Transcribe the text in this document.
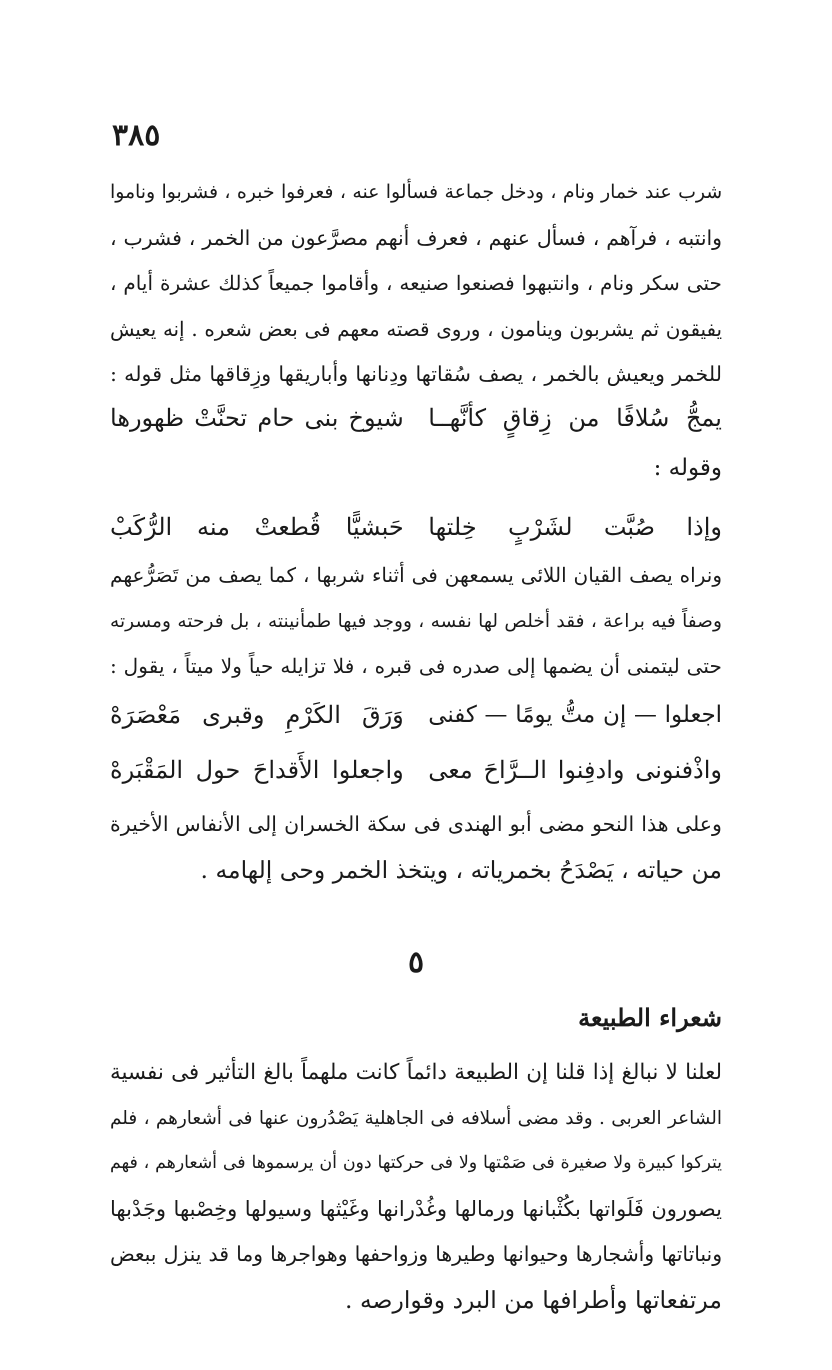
٣٨٥
شرب عند خمار ونام ، ودخل جماعة فسألوا عنه ، فعرفوا خبره ، فشربوا وناموا
وانتبه ، فرآهم ، فسأل عنهم ، فعرف أنهم مصرَّعون من الخمر ، فشرب ،
حتى سكر ونام ، وانتبهوا فصنعوا صنيعه ، وأقاموا جميعاً كذلك عشرة أيام ،
يفيقون ثم يشربون وينامون ، وروى قصته معهم فى بعض شعره . إنه يعيش
للخمر ويعيش بالخمر ، يصف سُقاتها ودِنانها وأباريقها وزِقاقها مثل قوله :
يمجُّ سُلافًا من زِقاقٍ كأنَّهــا
شيوخ بنى حام تحنَّتْ ظهورها
وقوله :
وإذا صُبَّت لشَرْبٍ خِلتها
حَبشيًّا قُطعتْ منه الرُّكَبْ
ونراه يصف القيان اللائى يسمعهن فى أثناء شربها ، كما يصف من تَصَرُّعهم
وصفاً فيه براعة ، فقد أخلص لها نفسه ، ووجد فيها طمأنينته ، بل فرحته ومسرته
حتى ليتمنى أن يضمها إلى صدره فى قبره ، فلا تزايله حياً ولا ميتاً ، يقول :
اجعلوا — إن متُّ يومًا — كفنى
وَرَقَ الكَرْمِ وقبرى مَعْصَرَهْ
واذْفنونى وادفِنوا الــرَّاحَ معى
واجعلوا الأَقداحَ حول المَقْبَرهْ
وعلى هذا النحو مضى أبو الهندى فى سكة الخسران إلى الأنفاس الأخيرة
من حياته ، يَصْدَحُ بخمرياته ، ويتخذ الخمر وحى إلهامه .
٥
شعراء الطبيعة
لعلنا لا نبالغ إذا قلنا إن الطبيعة دائماً كانت ملهماً بالغ التأثير فى نفسية
الشاعر العربى . وقد مضى أسلافه فى الجاهلية يَصْدُرون عنها فى أشعارهم ، فلم
يتركوا كبيرة ولا صغيرة فى صَمْتها ولا فى حركتها دون أن يرسموها فى أشعارهم ، فهم
يصورون فَلَواتها بكُثْبانها ورمالها وغُدْرانها وغَيْثها وسيولها وخِصْبها وجَدْبها
ونباتاتها وأشجارها وحيوانها وطيرها وزواحفها وهواجرها وما قد ينزل ببعض
مرتفعاتها وأطرافها من البرد وقوارصه .
